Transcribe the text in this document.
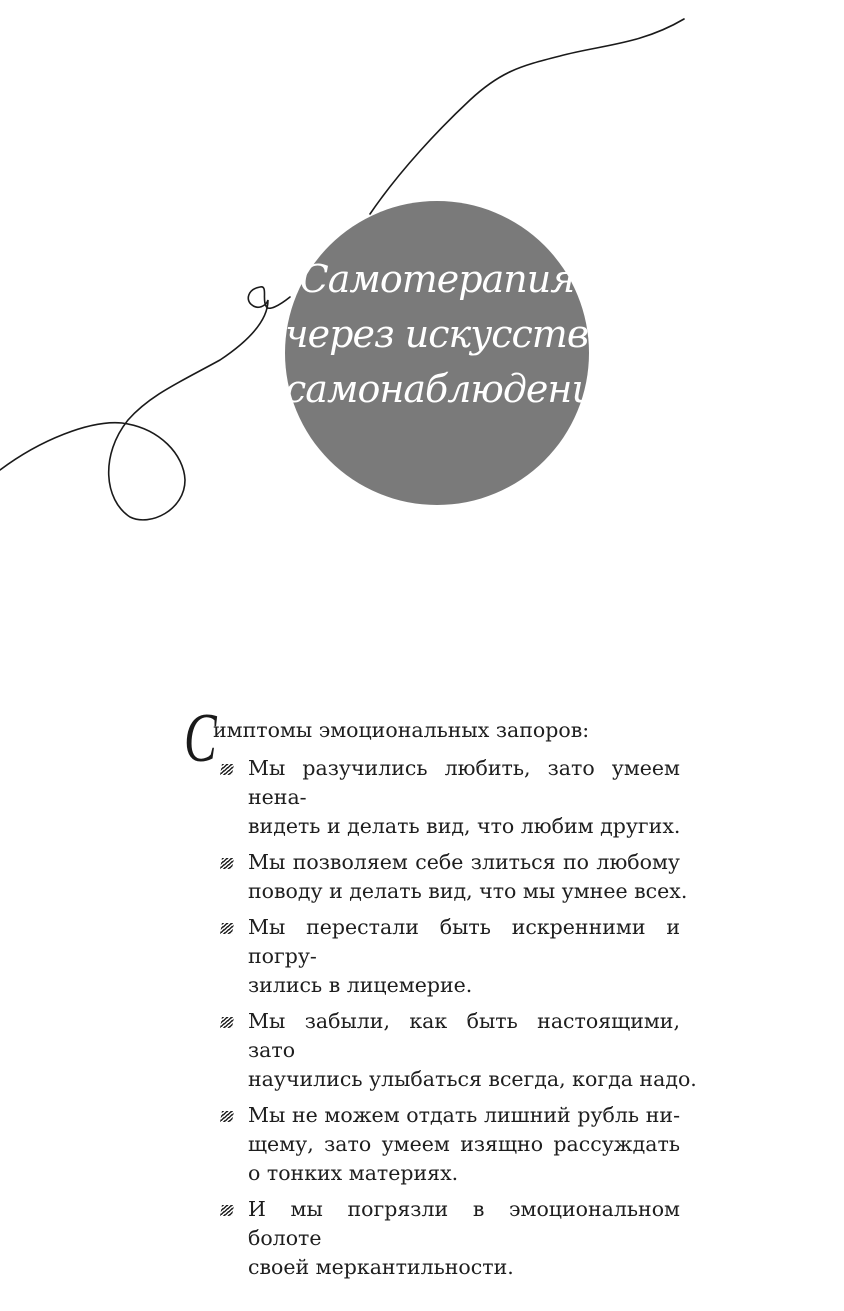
Самотерапия
через искусство
самонаблюдения
С
имптомы эмоциональных запоров:
Мы разучились любить, зато умеем нена-
видеть и делать вид, что любим других.
Мы позволяем себе злиться по любому
поводу и делать вид, что мы умнее всех.
Мы перестали быть искренними и погру-
зились в лицемерие.
Мы забыли, как быть настоящими, зато
научились улыбаться всегда, когда надо.
Мы не можем отдать лишний рубль ни-
щему, зато умеем изящно рассуждать
о тонких материях.
И мы погрязли в эмоциональном болоте
своей меркантильности.
